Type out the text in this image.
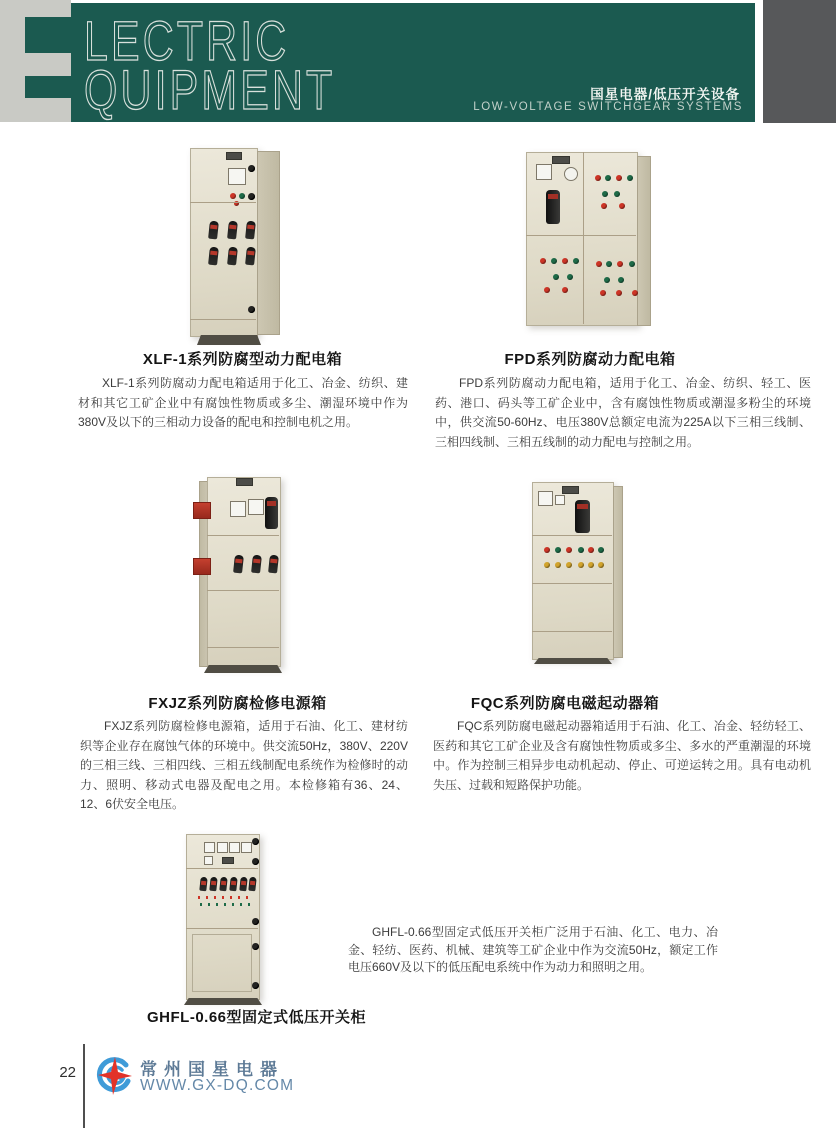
LECTRIC
QUIPMENT	国星电器/低压开关设备
LOW-VOLTAGE SWITCHGEAR SYSTEMS
XLF-1系列防腐型动力配电箱
XLF-1系列防腐动力配电箱适用于化工、冶金、纺织、建材和其它工矿企业中有腐蚀性物质或多尘、潮湿环境中作为380V及以下的三相动力设备的配电和控制电机之用。
FPD系列防腐动力配电箱
FPD系列防腐动力配电箱，适用于化工、冶金、纺织、轻工、医药、港口、码头等工矿企业中，含有腐蚀性物质或潮湿多粉尘的环境中，供交流50-60Hz、电压380V总额定电流为225A以下三相三线制、三相四线制、三相五线制的动力配电与控制之用。
FXJZ系列防腐检修电源箱
FXJZ系列防腐检修电源箱，适用于石油、化工、建材纺织等企业存在腐蚀气体的环境中。供交流50Hz，380V、220V的三相三线、三相四线、三相五线制配电系统作为检修时的动力、照明、移动式电器及配电之用。本检修箱有36、24、12、6伏安全电压。
FQC系列防腐电磁起动器箱
FQC系列防腐电磁起动器箱适用于石油、化工、冶金、轻纺轻工、医药和其它工矿企业及含有腐蚀性物质或多尘、多水的严重潮湿的环境中。作为控制三相异步电动机起动、停止、可逆运转之用。具有电动机失压、过载和短路保护功能。
GHFL-0.66型固定式低压开关柜广泛用于石油、化工、电力、冶金、轻纺、医药、机械、建筑等工矿企业中作为交流50Hz，额定工作电压660V及以下的低压配电系统中作为动力和照明之用。
GHFL-0.66型固定式低压开关柜
22	常州国星电器
WWW.GX-DQ.COM
